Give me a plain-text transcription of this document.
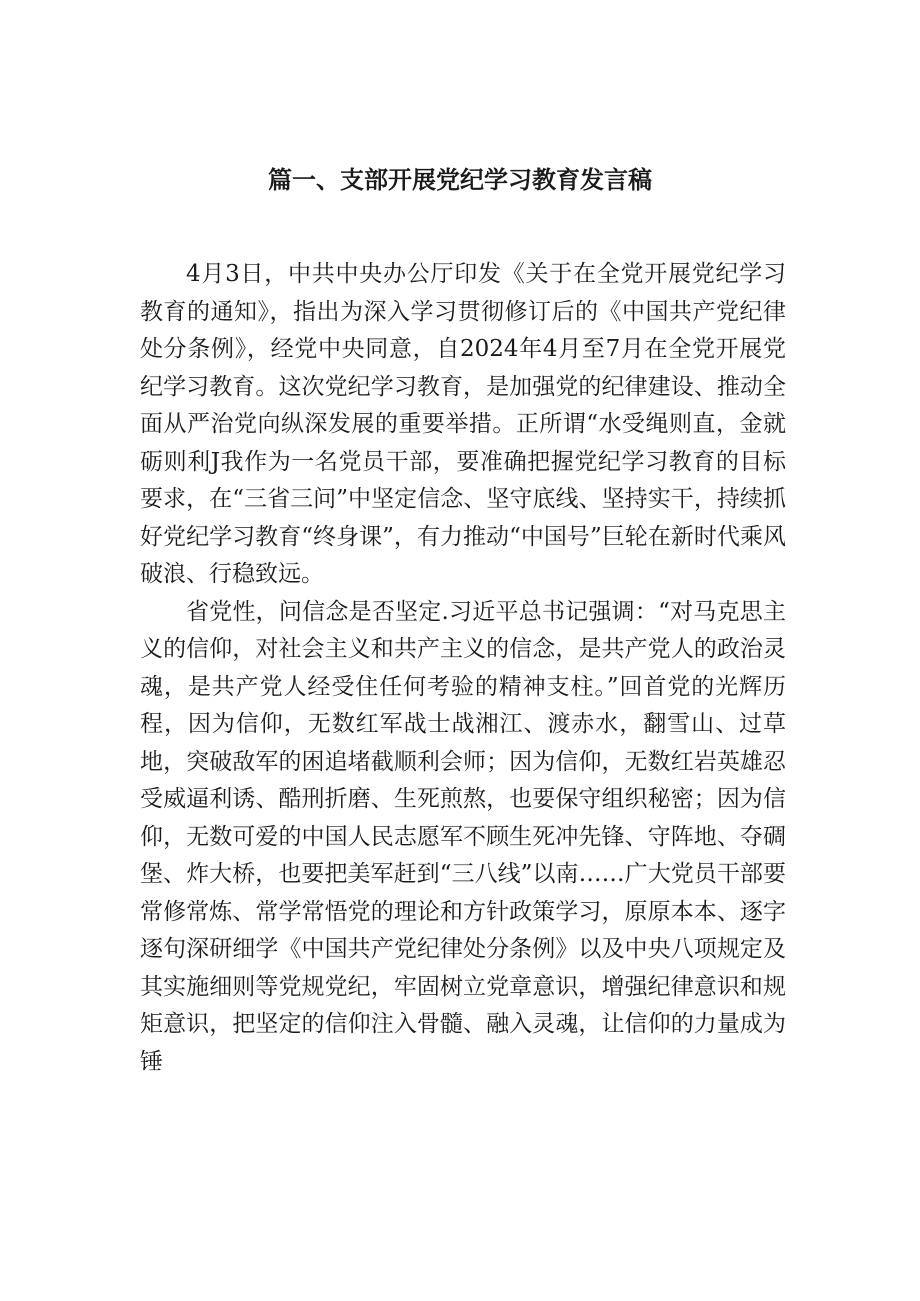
篇一、支部开展党纪学习教育发言稿

4月3日，中共中央办公厅印发《关于在全党开展党纪学习教育的通知》，指出为深入学习贯彻修订后的《中国共产党纪律处分条例》，经党中央同意，自2024年4月至7月在全党开展党纪学习教育。这次党纪学习教育，是加强党的纪律建设、推动全面从严治党向纵深发展的重要举措。正所谓“水受绳则直，金就砺则利J我作为一名党员干部，要准确把握党纪学习教育的目标要求，在“三省三问”中坚定信念、坚守底线、坚持实干，持续抓好党纪学习教育“终身课”，有力推动“中国号”巨轮在新时代乘风破浪、行稳致远。

省党性，问信念是否坚定.习近平总书记强调：“对马克思主义的信仰，对社会主义和共产主义的信念，是共产党人的政治灵魂，是共产党人经受住任何考验的精神支柱。”回首党的光辉历程，因为信仰，无数红军战士战湘江、渡赤水，翻雪山、过草地，突破敌军的困追堵截顺利会师；因为信仰，无数红岩英雄忍受威逼利诱、酷刑折磨、生死煎熬，也要保守组织秘密；因为信仰，无数可爱的中国人民志愿军不顾生死冲先锋、守阵地、夺碉堡、炸大桥，也要把美军赶到“三八线”以南……广大党员干部要常修常炼、常学常悟党的理论和方针政策学习，原原本本、逐字逐句深研细学《中国共产党纪律处分条例》以及中央八项规定及其实施细则等党规党纪，牢固树立党章意识，增强纪律意识和规矩意识，把坚定的信仰注入骨髓、融入灵魂，让信仰的力量成为锤
